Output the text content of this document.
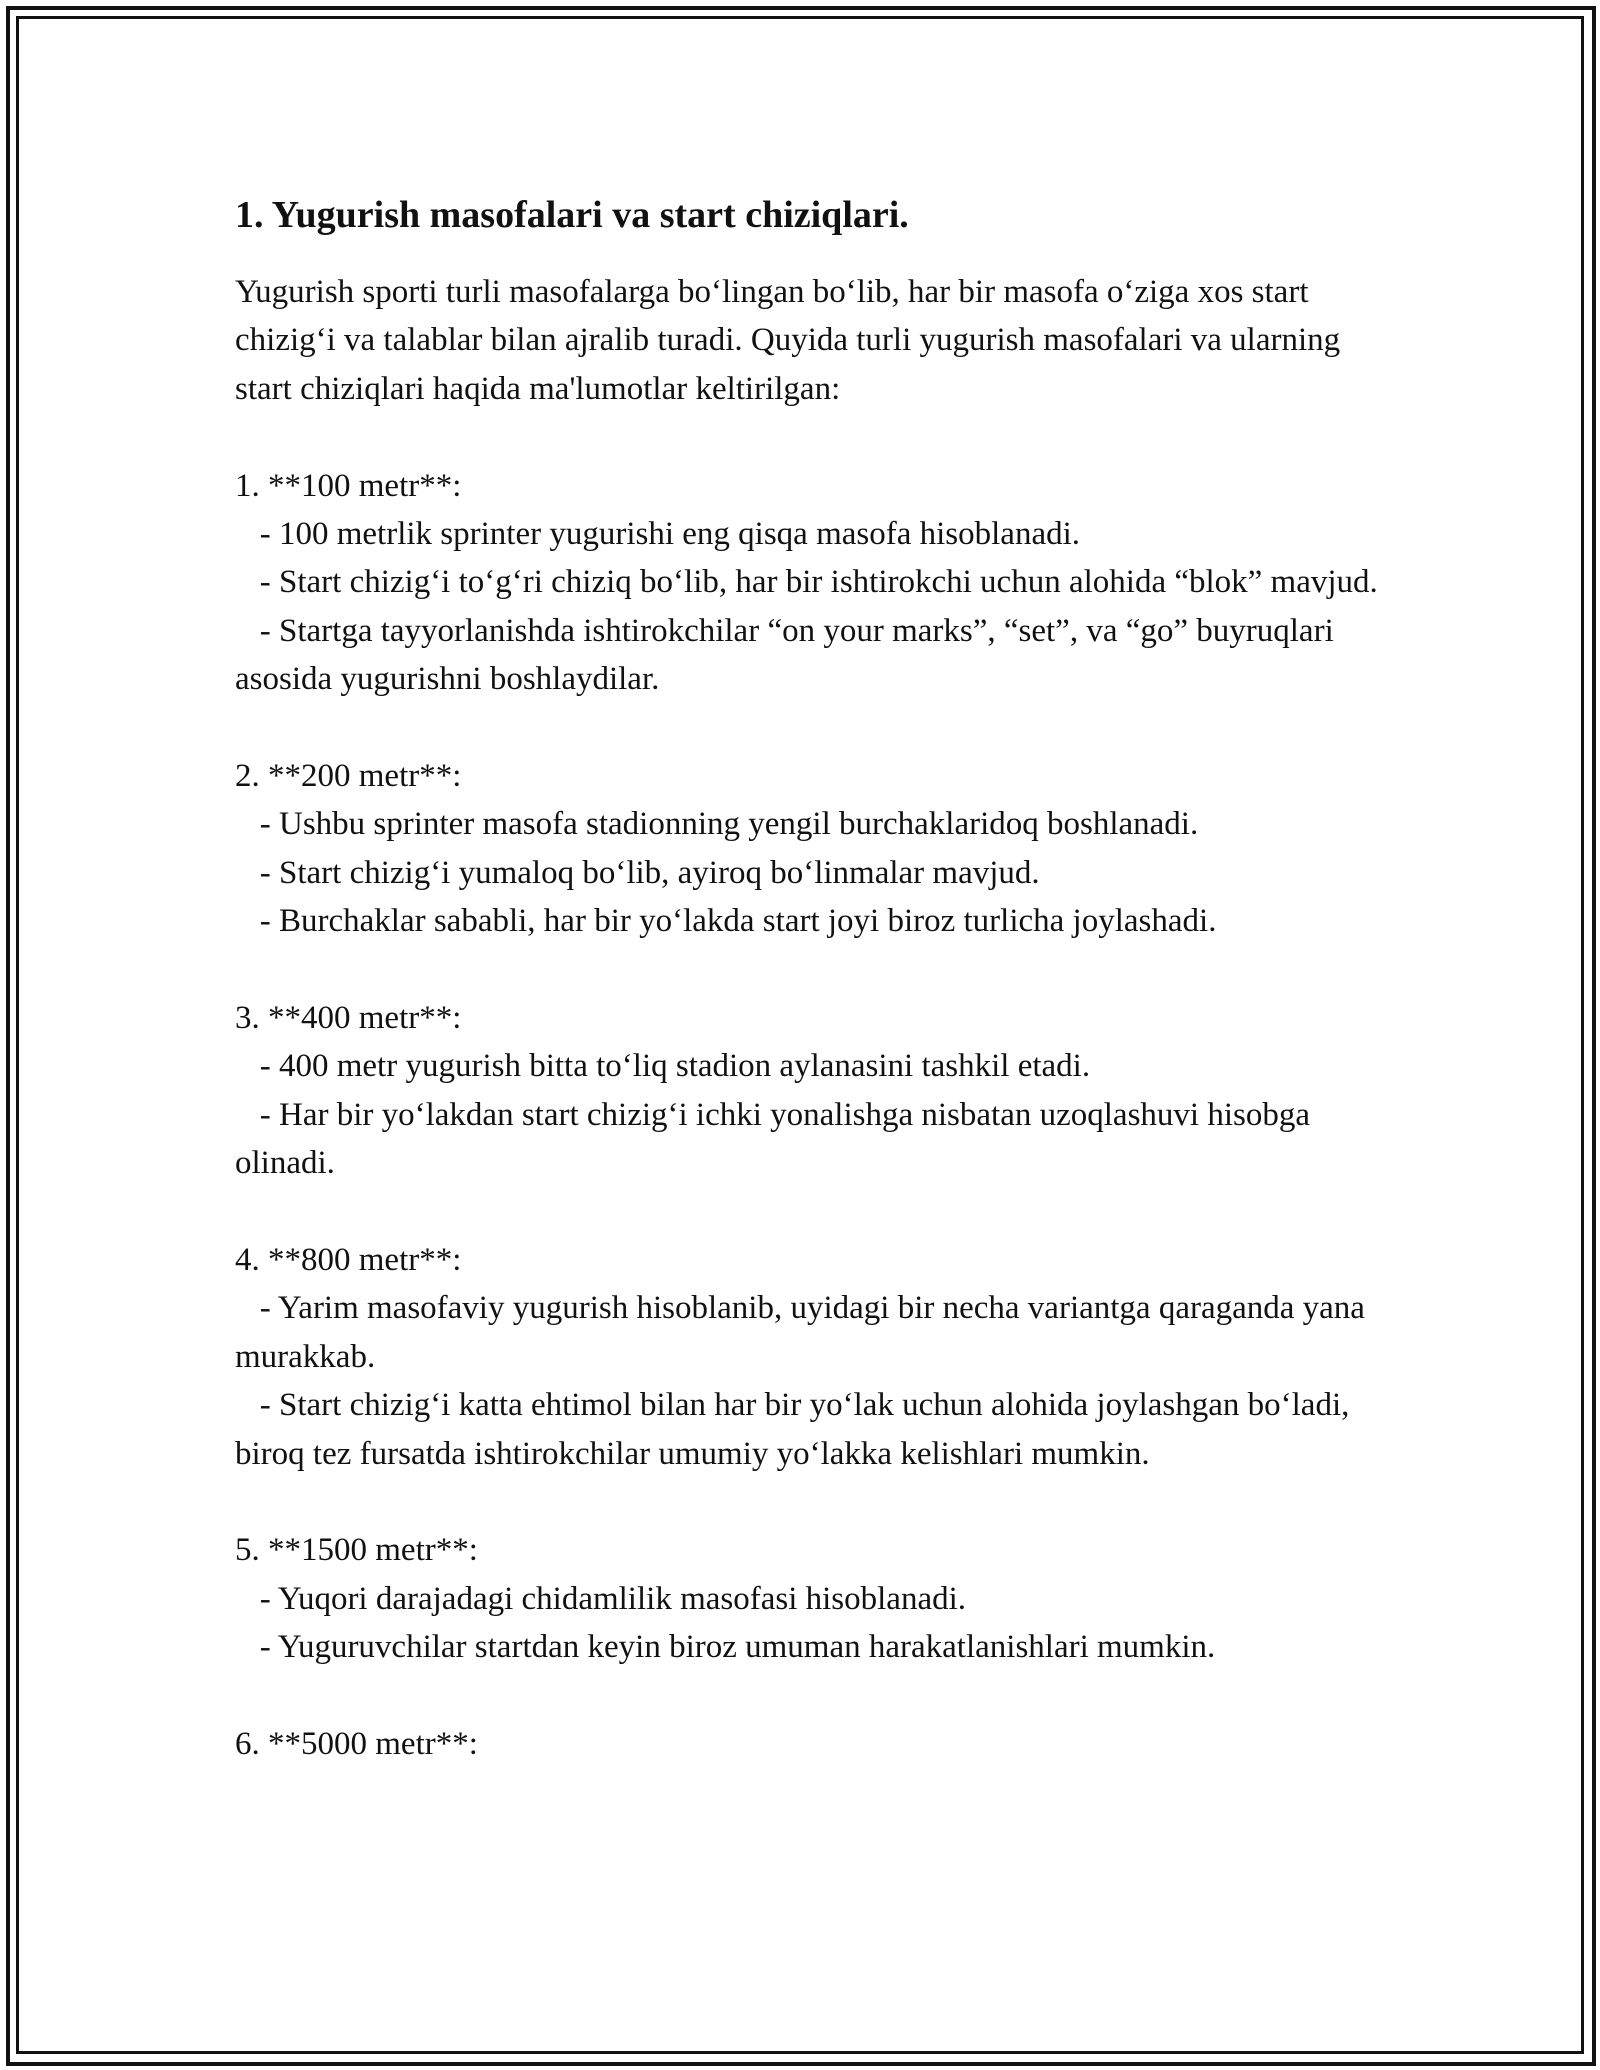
1. Yugurish masofalari va start chiziqlari.

Yugurish sporti turli masofalarga bo‘lingan bo‘lib, har bir masofa o‘ziga xos start chizig‘i va talablar bilan ajralib turadi. Quyida turli yugurish masofalari va ularning start chiziqlari haqida ma'lumotlar keltirilgan:

1. **100 metr**:
- 100 metrlik sprinter yugurishi eng qisqa masofa hisoblanadi.
- Start chizig‘i to‘g‘ri chiziq bo‘lib, har bir ishtirokchi uchun alohida “blok” mavjud.
- Startga tayyorlanishda ishtirokchilar “on your marks”, “set”, va “go” buyruqlari asosida yugurishni boshlaydilar.
2. **200 metr**:
- Ushbu sprinter masofa stadionning yengil burchaklaridoq boshlanadi.
- Start chizig‘i yumaloq bo‘lib, ayiroq bo‘linmalar mavjud.
- Burchaklar sababli, har bir yo‘lakda start joyi biroz turlicha joylashadi.
3. **400 metr**:
- 400 metr yugurish bitta to‘liq stadion aylanasini tashkil etadi.
- Har bir yo‘lakdan start chizig‘i ichki yonalishga nisbatan uzoqlashuvi hisobga olinadi.
4. **800 metr**:
- Yarim masofaviy yugurish hisoblanib, uyidagi bir necha variantga qaraganda yana murakkab.
- Start chizig‘i katta ehtimol bilan har bir yo‘lak uchun alohida joylashgan bo‘ladi, biroq tez fursatda ishtirokchilar umumiy yo‘lakka kelishlari mumkin.
5. **1500 metr**:
- Yuqori darajadagi chidamlilik masofasi hisoblanadi.
- Yuguruvchilar startdan keyin biroz umuman harakatlanishlari mumkin.
6. **5000 metr**:
